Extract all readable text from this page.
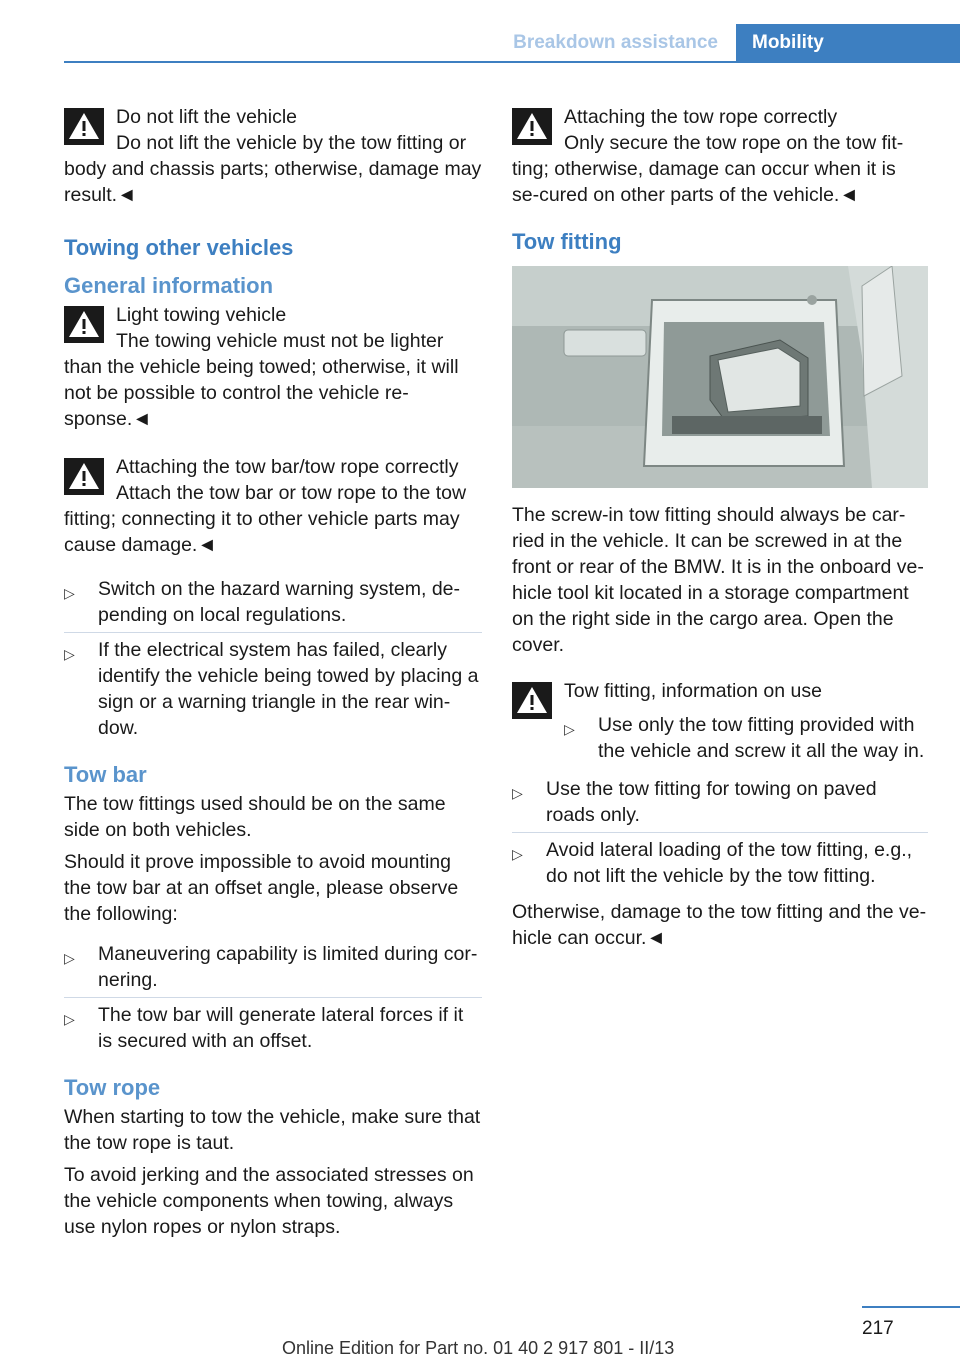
Breakdown assistance	Mobility

Do not lift the vehicle

Do not lift the vehicle by the tow fitting or

body and chassis parts; otherwise, damage may result.◄

Towing other vehicles
General information

Light towing vehicle

The towing vehicle must not be lighter

than the vehicle being towed; otherwise, it will not be possible to control the vehicle re-sponse.◄

Attaching the tow bar/tow rope correctly

Attach the tow bar or tow rope to the tow

fitting; connecting it to other vehicle parts may cause damage.◄

▷ Switch on the hazard warning system, de-pending on local regulations.
▷ If the electrical system has failed, clearly identify the vehicle being towed by placing a sign or a warning triangle in the rear win-dow.
Tow bar

The tow fittings used should be on the same side on both vehicles.

Should it prove impossible to avoid mounting the tow bar at an offset angle, please observe the following:

▷ Maneuvering capability is limited during cor-nering.
▷ The tow bar will generate lateral forces if it is secured with an offset.
Tow rope

When starting to tow the vehicle, make sure that the tow rope is taut.

To avoid jerking and the associated stresses on the vehicle components when towing, always use nylon ropes or nylon straps.

Attaching the tow rope correctly

Only secure the tow rope on the tow fit-

ting; otherwise, damage can occur when it is se-cured on other parts of the vehicle.◄

Tow fitting

The screw-in tow fitting should always be car-ried in the vehicle. It can be screwed in at the front or rear of the BMW. It is in the onboard ve-hicle tool kit located in a storage compartment on the right side in the cargo area. Open the cover.

Tow fitting, information on use

▷ Use only the tow fitting provided with the vehicle and screw it all the way in.
▷ Use the tow fitting for towing on paved roads only.
▷ Avoid lateral loading of the tow fitting, e.g., do not lift the vehicle by the tow fitting.

Otherwise, damage to the tow fitting and the ve-hicle can occur.◄

217
Online Edition for Part no. 01 40 2 917 801 - II/13
